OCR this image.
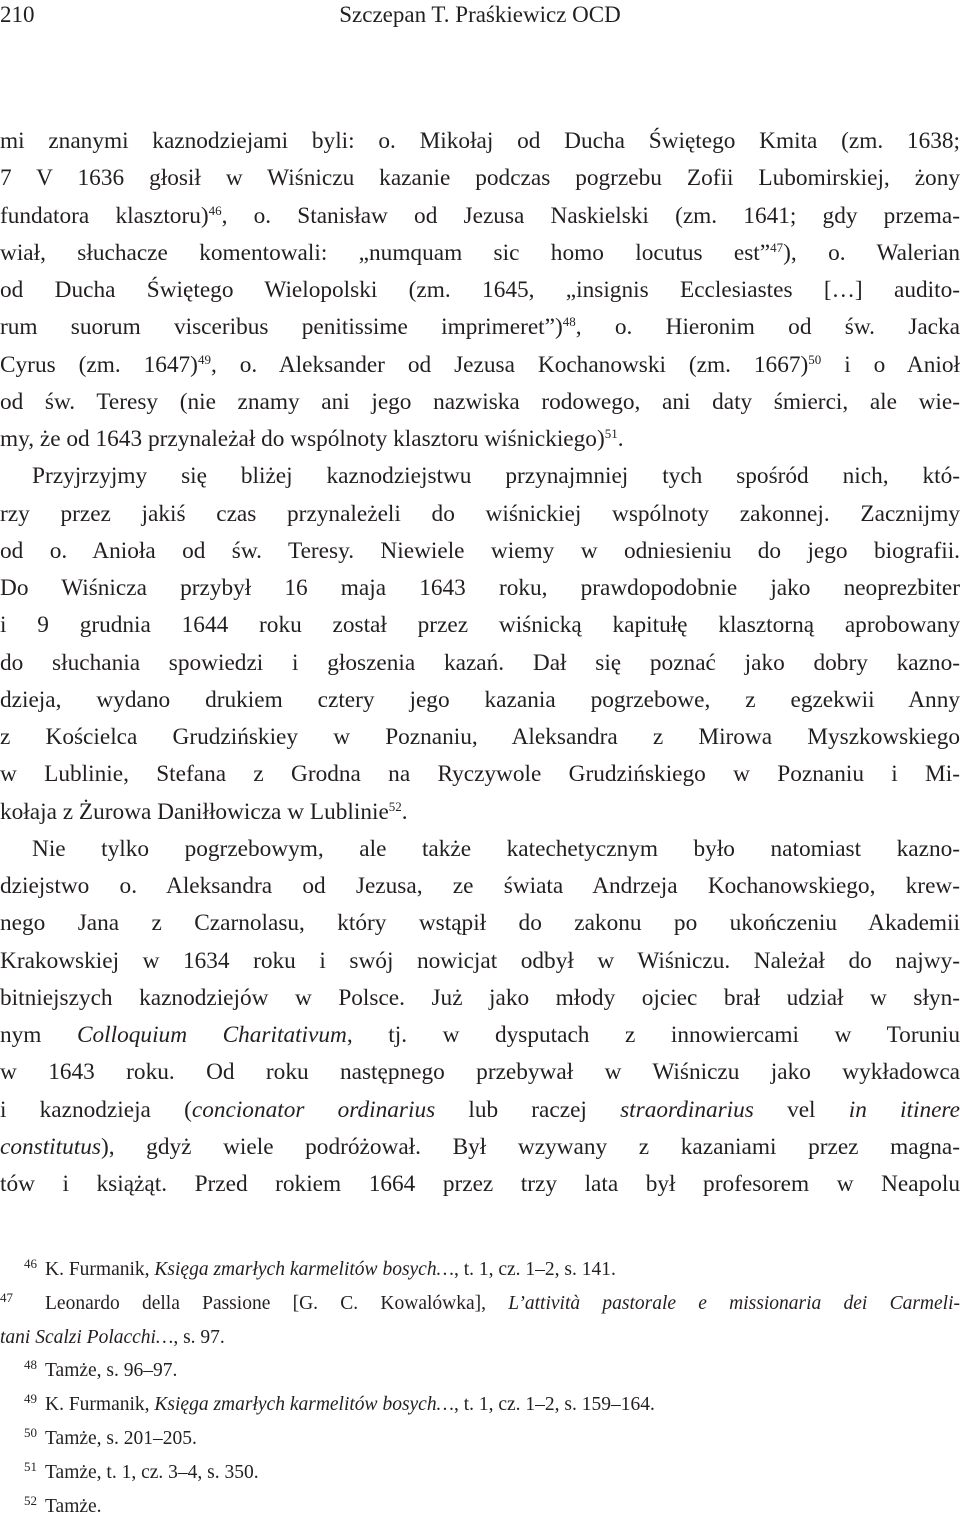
210	Szczepan T. Praśkiewicz OCD
mi znanymi kaznodziejami byli: o. Mikołaj od Ducha Świętego Kmita (zm. 1638;
7 V 1636 głosił w Wiśniczu kazanie podczas pogrzebu Zofii Lubomirskiej, żony
fundatora klasztoru)$^{46}$, o. Stanisław od Jezusa Naskielski (zm. 1641; gdy przema-
wiał, słuchacze komentowali: „numquam sic homo locutus est”$^{47}$), o. Walerian
od Ducha Świętego Wielopolski (zm. 1645, „insignis Ecclesiastes […] audito-
rum suorum visceribus penitissime imprimeret”)$^{48}$, o. Hieronim od św. Jacka
Cyrus (zm. 1647)$^{49}$, o. Aleksander od Jezusa Kochanowski (zm. 1667)$^{50}$ i o Anioł
od św. Teresy (nie znamy ani jego nazwiska rodowego, ani daty śmierci, ale wie-
my, że od 1643 przynależał do wspólnoty klasztoru wiśnickiego)$^{51}$.
Przyjrzyjmy się bliżej kaznodziejstwu przynajmniej tych spośród nich, któ-
rzy przez jakiś czas przynależeli do wiśnickiej wspólnoty zakonnej. Zacznijmy
od o. Anioła od św. Teresy. Niewiele wiemy w odniesieniu do jego biografii.
Do Wiśnicza przybył 16 maja 1643 roku, prawdopodobnie jako neoprezbiter
i 9 grudnia 1644 roku został przez wiśnicką kapitułę klasztorną aprobowany
do słuchania spowiedzi i głoszenia kazań. Dał się poznać jako dobry kazno-
dzieja, wydano drukiem cztery jego kazania pogrzebowe, z egzekwii Anny
z Kościelca Grudzińskiey w Poznaniu, Aleksandra z Mirowa Myszkowskiego
w Lublinie, Stefana z Grodna na Ryczywole Grudzińskiego w Poznaniu i Mi-
kołaja z Żurowa Daniłłowicza w Lublinie$^{52}$.
Nie tylko pogrzebowym, ale także katechetycznym było natomiast kazno-
dziejstwo o. Aleksandra od Jezusa, ze świata Andrzeja Kochanowskiego, krew-
nego Jana z Czarnolasu, który wstąpił do zakonu po ukończeniu Akademii
Krakowskiej w 1634 roku i swój nowicjat odbył w Wiśniczu. Należał do najwy-
bitniejszych kaznodziejów w Polsce. Już jako młody ojciec brał udział w słyn-
nym Colloquium Charitativum, tj. w dysputach z innowiercami w Toruniu
w 1643 roku. Od roku następnego przebywał w Wiśniczu jako wykładowca
i kaznodzieja (concionator ordinarius lub raczej straordinarius vel in itinere
constitutus), gdyż wiele podróżował. Był wzywany z kazaniami przez magna-
tów i książąt. Przed rokiem 1664 przez trzy lata był profesorem w Neapolu
46 K. Furmanik, Księga zmarłych karmelitów bosych…, t. 1, cz. 1–2, s. 141.
47 Leonardo della Passione [G. C. Kowalówka], L’attività pastorale e missionaria dei Carmeli-
tani Scalzi Polacchi…, s. 97.
48 Tamże, s. 96–97.
49 K. Furmanik, Księga zmarłych karmelitów bosych…, t. 1, cz. 1–2, s. 159–164.
50 Tamże, s. 201–205.
51 Tamże, t. 1, cz. 3–4, s. 350.
52 Tamże.
